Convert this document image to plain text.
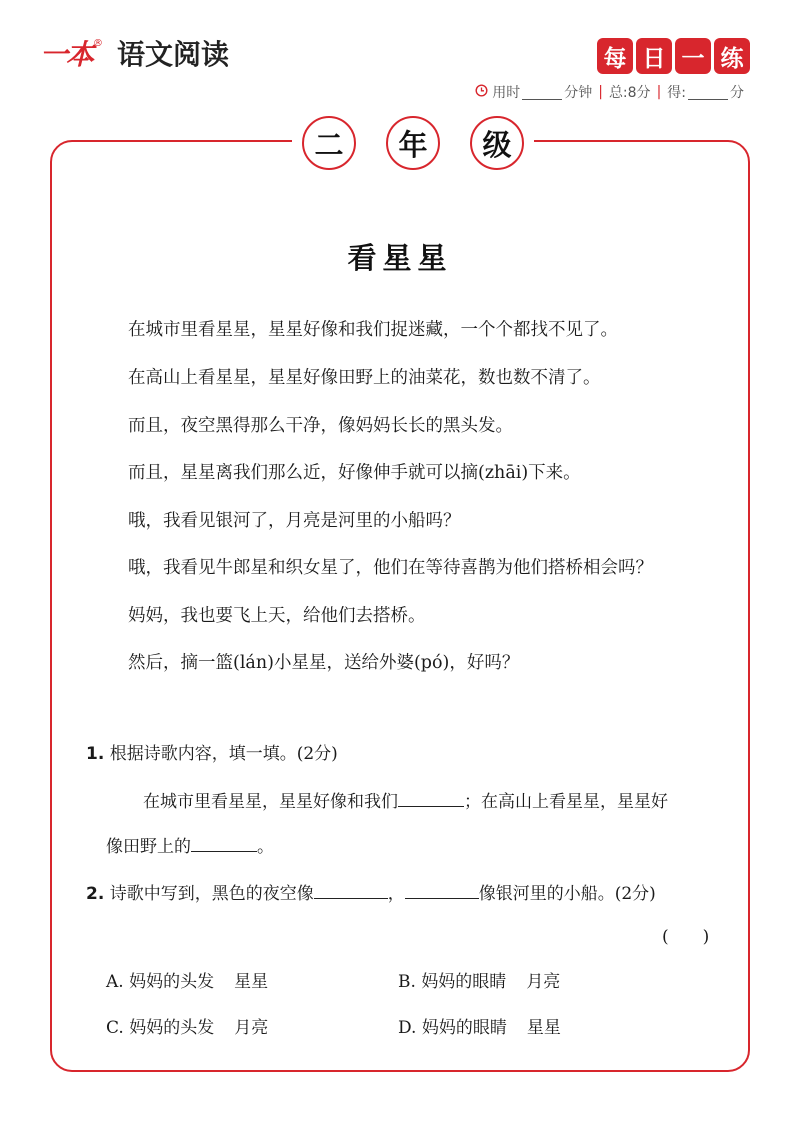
一本 ® 语文阅读	每 日 一 练
用时	分钟 | 总:8分 | 得:	分
二	年	级
看星星
在城市里看星星，星星好像和我们捉迷藏，一个个都找不见了。
在高山上看星星，星星好像田野上的油菜花，数也数不清了。
而且，夜空黑得那么干净，像妈妈长长的黑头发。
而且，星星离我们那么近，好像伸手就可以摘(zhāi)下来。
哦，我看见银河了，月亮是河里的小船吗？
哦，我看见牛郎星和织女星了，他们在等待喜鹊为他们搭桥相会吗？
妈妈，我也要飞上天，给他们去搭桥。
然后，摘一篮(lán)小星星，送给外婆(pó)，好吗？
1. 根据诗歌内容，填一填。(2分)
在城市里看星星，星星好像和我们	；在高山上看星星，星星好
像田野上的	。
2. 诗歌中写到，黑色的夜空像	，	像银河里的小船。(2分)
(　　)
A. 妈妈的头发 星星	B. 妈妈的眼睛 月亮
C. 妈妈的头发 月亮	D. 妈妈的眼睛 星星
